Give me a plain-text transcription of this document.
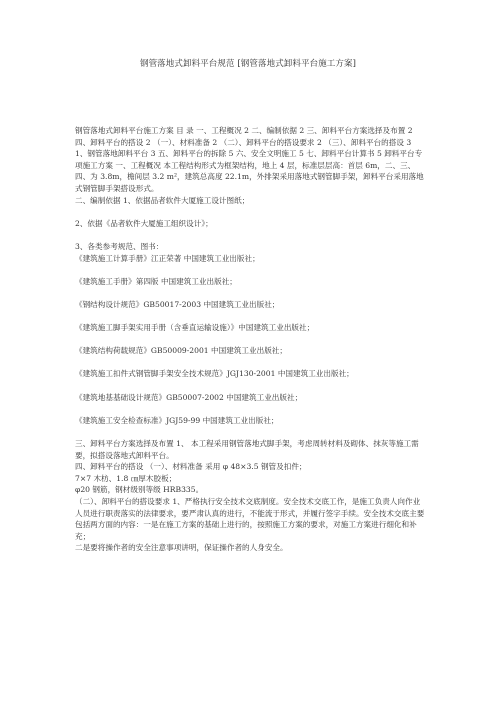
钢管落地式卸料平台规范 [钢管落地式卸料平台施工方案]

钢管落地式卸料平台施工方案 目 录 一、工程概况 2 二、编制依据 2 三、卸料平台方案选择及布置 2 四、卸料平台的搭设 2 （一）、材料准备 2 （二）、卸料平台的搭设要求 2 （三）、卸料平台的搭设 3 1、钢管落地卸料平台 3 五、卸料平台的拆除 5 六、安全文明施工 5 七、卸料平台计算书 5 卸料平台专项施工方案 一、工程概况 本工程结构形式为框架结构，地上 4 层，标准层层高：首层 6m，二、三、四、为 3.8m，檐间层 3.2 m²，建筑总高度 22.1m，外排架采用落地式钢管脚手架，卸料平台采用落地式钢管脚手架搭设形式。

二、编制依据 1、依据品者软件大厦施工设计图纸；

2、依据《品者软件大厦施工组织设计》；

3、各类参考规范、图书：

《建筑施工计算手册》江正荣著 中国建筑工业出版社；

《建筑施工手册》第四版 中国建筑工业出版社；

《钢结构设计规范》GB50017-2003 中国建筑工业出版社；

《建筑施工脚手架实用手册（含垂直运输设施）》中国建筑工业出版社；

《建筑结构荷载规范》GB50009-2001 中国建筑工业出版社；

《建筑施工扣件式钢管脚手架安全技术规范》JGJ130-2001 中国建筑工业出版社；

《建筑地基基础设计规范》GB50007-2002 中国建筑工业出版社；

《建筑施工安全检查标准》JGJ59-99 中国建筑工业出版社；

三、卸料平台方案选择及布置 1、 本工程采用钢管落地式脚手架，考虑周转材料及砌体、抹灰等施工需要，拟搭设落地式卸料平台。

四、卸料平台的搭设 （一）、材料准备 采用 φ 48×3.5 钢管及扣件；

7×7 木枋、1.8 ㎝厚木胶板；

φ20 钢筋，钢材级别等级 HRB335。

（二）、卸料平台的搭设要求 1、严格执行安全技术交底制度。安全技术交底工作，是施工负责人向作业人员进行职责落实的法律要求，要严肃认真的进行，不能流于形式，并履行签字手续。安全技术交底主要包括两方面的内容：一是在施工方案的基础上进行的，按照施工方案的要求，对施工方案进行细化和补充；

二是要将操作者的安全注意事项讲明，保证操作者的人身安全。
